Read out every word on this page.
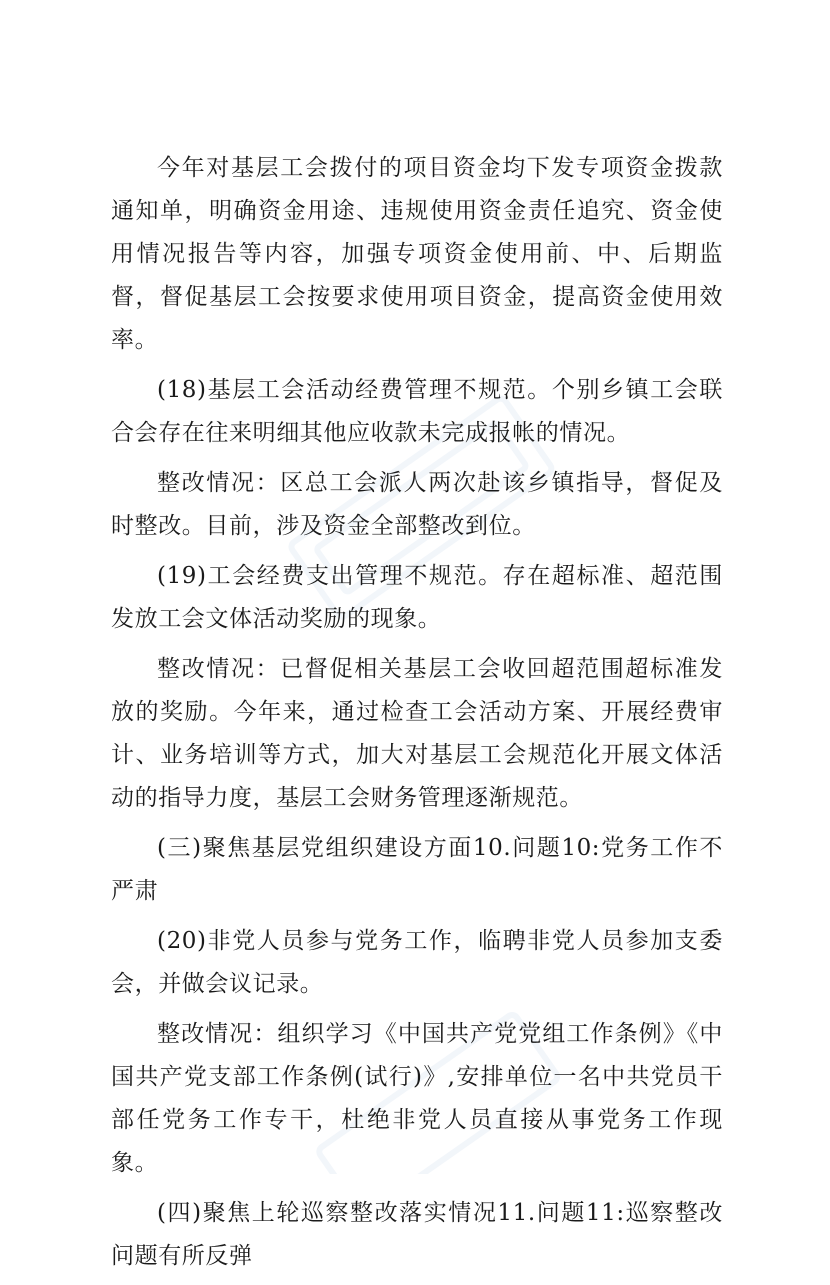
今年对基层工会拨付的项目资金均下发专项资金拨款通知单，明确资金用途、违规使用资金责任追究、资金使用情况报告等内容，加强专项资金使用前、中、后期监督，督促基层工会按要求使用项目资金，提高资金使用效率。

(18)基层工会活动经费管理不规范。个别乡镇工会联合会存在往来明细其他应收款未完成报帐的情况。

整改情况：区总工会派人两次赴该乡镇指导，督促及时整改。目前，涉及资金全部整改到位。

(19)工会经费支出管理不规范。存在超标准、超范围发放工会文体活动奖励的现象。

整改情况：已督促相关基层工会收回超范围超标准发放的奖励。今年来，通过检查工会活动方案、开展经费审计、业务培训等方式，加大对基层工会规范化开展文体活动的指导力度，基层工会财务管理逐渐规范。

(三)聚焦基层党组织建设方面10.问题10:党务工作不严肃

(20)非党人员参与党务工作，临聘非党人员参加支委会，并做会议记录。

整改情况：组织学习《中国共产党党组工作条例》《中国共产党支部工作条例(试行)》,安排单位一名中共党员干部任党务工作专干，杜绝非党人员直接从事党务工作现象。

(四)聚焦上轮巡察整改落实情况11.问题11:巡察整改问题有所反弹
